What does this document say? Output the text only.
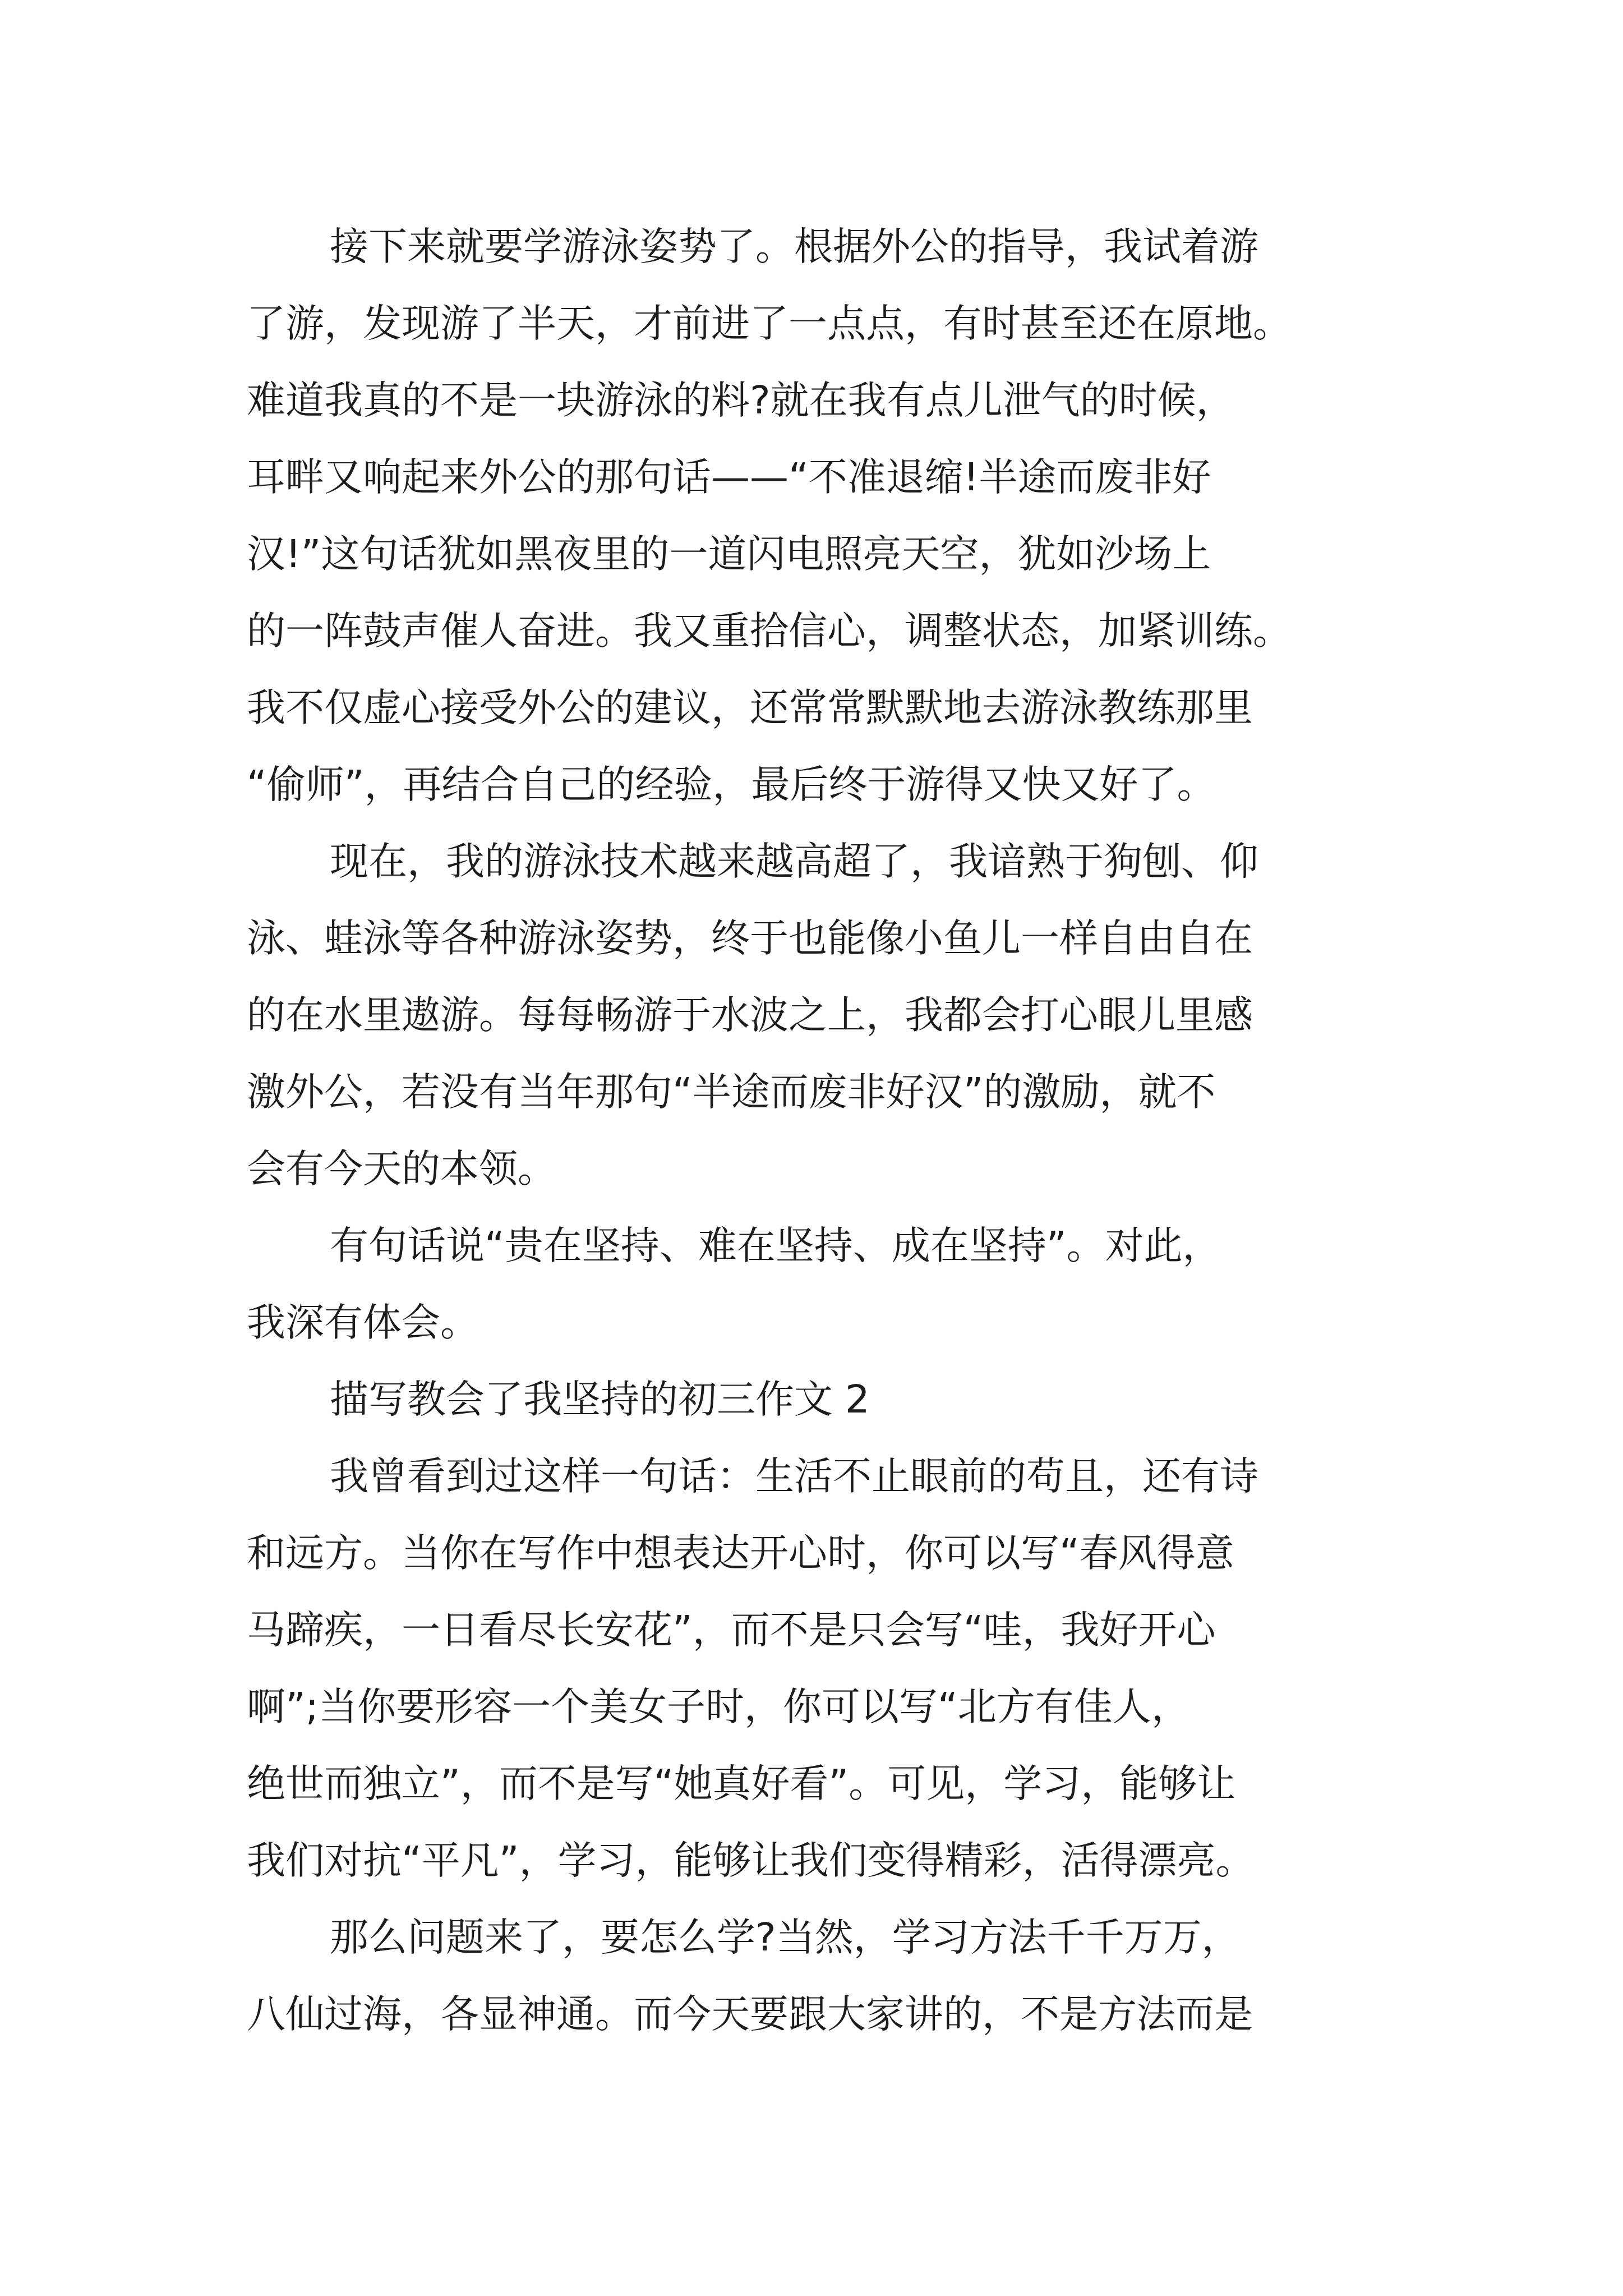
接下来就要学游泳姿势了。根据外公的指导，我试着游
了游，发现游了半天，才前进了一点点，有时甚至还在原地。
难道我真的不是一块游泳的料?就在我有点儿泄气的时候，
耳畔又响起来外公的那句话——“不准退缩!半途而废非好
汉!”这句话犹如黑夜里的一道闪电照亮天空，犹如沙场上
的一阵鼓声催人奋进。我又重拾信心，调整状态，加紧训练。
我不仅虚心接受外公的建议，还常常默默地去游泳教练那里
“偷师”，再结合自己的经验，最后终于游得又快又好了。
现在，我的游泳技术越来越高超了，我谙熟于狗刨、仰
泳、蛙泳等各种游泳姿势，终于也能像小鱼儿一样自由自在
的在水里遨游。每每畅游于水波之上，我都会打心眼儿里感
激外公，若没有当年那句“半途而废非好汉”的激励，就不
会有今天的本领。
有句话说“贵在坚持、难在坚持、成在坚持”。对此，
我深有体会。
描写教会了我坚持的初三作文 2
我曾看到过这样一句话：生活不止眼前的苟且，还有诗
和远方。当你在写作中想表达开心时，你可以写“春风得意
马蹄疾，一日看尽长安花”，而不是只会写“哇，我好开心
啊”;当你要形容一个美女子时，你可以写“北方有佳人，
绝世而独立”，而不是写“她真好看”。可见，学习，能够让
我们对抗“平凡”，学习，能够让我们变得精彩，活得漂亮。
那么问题来了，要怎么学?当然，学习方法千千万万，
八仙过海，各显神通。而今天要跟大家讲的，不是方法而是
